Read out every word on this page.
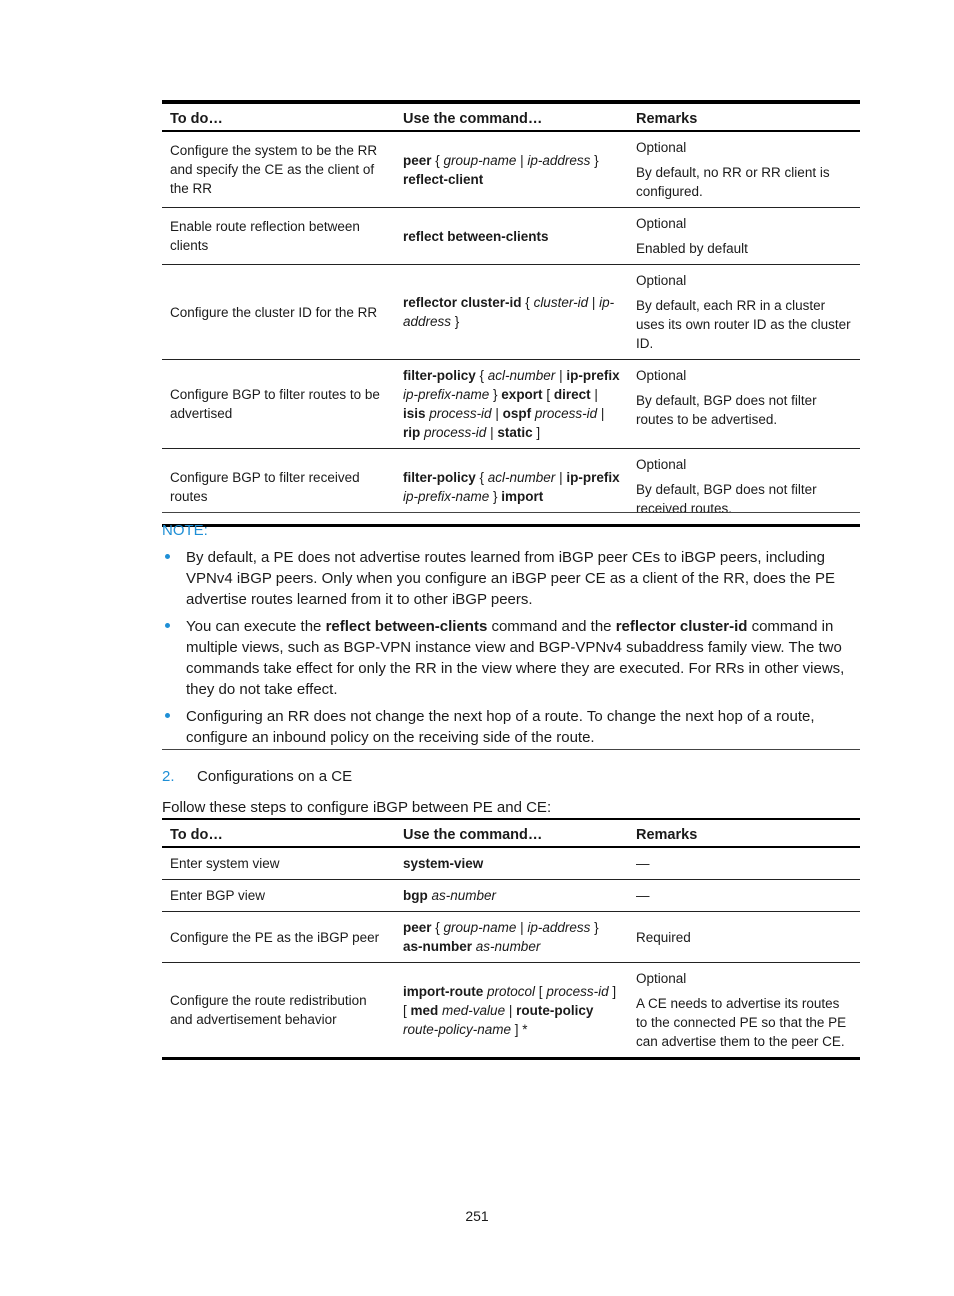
To do…	Use the command…	Remarks
Configure the system to be the RR and specify the CE as the client of the RR	peer { group-name | ip-address } reflect-client	Optional

By default, no RR or RR client is configured.

Enable route reflection between clients	reflect between-clients	Optional

Enabled by default

Configure the cluster ID for the RR	reflector cluster-id { cluster-id | ip-address }	Optional

By default, each RR in a cluster uses its own router ID as the cluster ID.

Configure BGP to filter routes to be advertised	filter-policy { acl-number | ip-prefix ip-prefix-name } export [ direct | isis process-id | ospf process-id | rip process-id | static ]	Optional

By default, BGP does not filter routes to be advertised.

Configure BGP to filter received routes	filter-policy { acl-number | ip-prefix ip-prefix-name } import	Optional

By default, BGP does not filter received routes.

NOTE:
By default, a PE does not advertise routes learned from iBGP peer CEs to iBGP peers, including VPNv4 iBGP peers. Only when you configure an iBGP peer CE as a client of the RR, does the PE advertise routes learned from it to other iBGP peers.
You can execute the reflect between-clients command and the reflector cluster-id command in multiple views, such as BGP-VPN instance view and BGP-VPNv4 subaddress family view. The two commands take effect for only the RR in the view where they are executed. For RRs in other views, they do not take effect.
Configuring an RR does not change the next hop of a route. To change the next hop of a route, configure an inbound policy on the receiving side of the route.
2. Configurations on a CE
Follow these steps to configure iBGP between PE and CE:
To do…	Use the command…	Remarks
Enter system view	system-view	—
Enter BGP view	bgp as-number	—
Configure the PE as the iBGP peer	peer { group-name | ip-address } as-number as-number	Required
Configure the route redistribution and advertisement behavior	import-route protocol [ process-id ] [ med med-value | route-policy route-policy-name ] *	Optional

A CE needs to advertise its routes to the connected PE so that the PE can advertise them to the peer CE.

251
